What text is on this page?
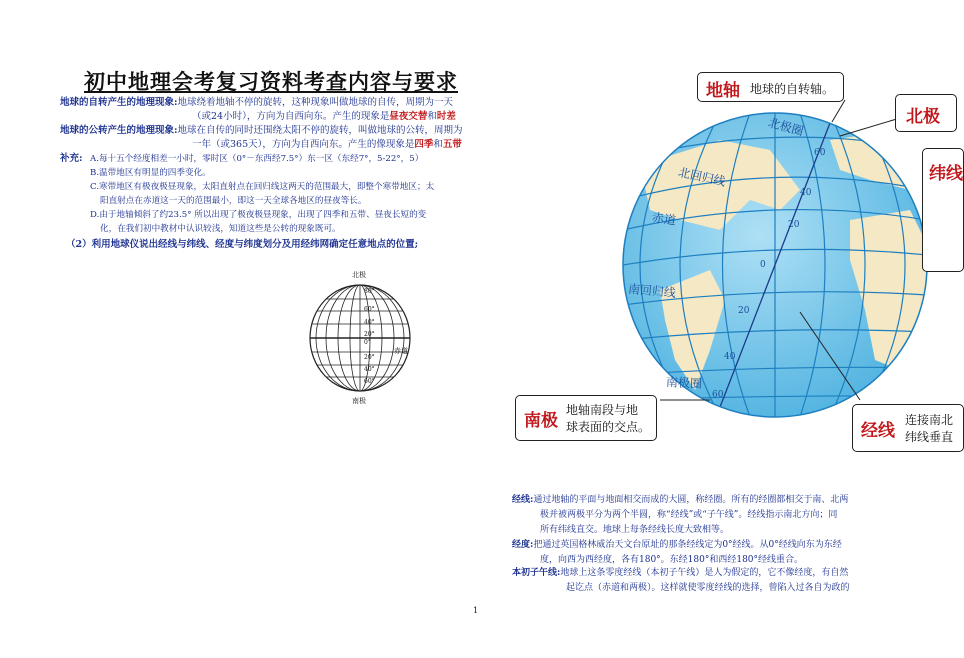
初中地理会考复习资料考查内容与要求
地球的自转产生的地理现象:地球绕着地轴不停的旋转，这种现象叫做地球的自传，周期为一天
（或24小时），方向为自西向东。产生的现象是昼夜交替和时差
地球的公转产生的地理现象:地球在自传的同时还围绕太阳不停的旋转，叫做地球的公转，周期为
一年（或365天），方向为自西向东。产生的像现象是四季和五带
补充: A.每十五个经度相差一小时，零时区（0°－东西经7.5°）东一区（东经7°，5-22°，5）
B.温带地区有明显的四季变化。
C.寒带地区有极夜极昼现象，太阳直射点在回归线这两天的范围最大，即整个寒带地区；太
阳直射点在赤道这一天的范围最小，即这一天全球各地区的昼夜等长。
D.由于地轴倾斜了约23.5° 所以出现了极夜极昼现象，出现了四季和五带、昼夜长短的变
化，在我们初中教材中认识较浅，知道这些是公转的现象既可。
（2）利用地球仪说出经线与纬线、经度与纬度划分及用经纬网确定任意地点的位置;
北极
南极
赤道
80°
60°
40°
20°
0°
20°
40°
60°
北极圈
北回归线
赤道
南回归线
南极圈
60
40
20
0
20
40
60
地轴 地球的自转轴。
北极
纬线
南极
地轴南段与地
球表面的交点。	经线
连接南北
纬线垂直
经线:通过地轴的平面与地面相交而成的大圆，称经圈。所有的经圈都相交于南、北两
极并被两极平分为两个半圆，称“经线”或“子午线”。经线指示南北方向；同
所有纬线直交。地球上每条经线长度大致相等。
经度:把通过英国格林威治天文台原址的那条经线定为0°经线。从0°经线向东为东经
度，向西为西经度，各有180°。东经180°和西经180°经线重合。
本初子午线:地球上这条零度经线（本初子午线）是人为假定的，它不像经度，有自然
起讫点（赤道和两极）。这样就使零度经线的选择，曾陷入过各自为政的
1
